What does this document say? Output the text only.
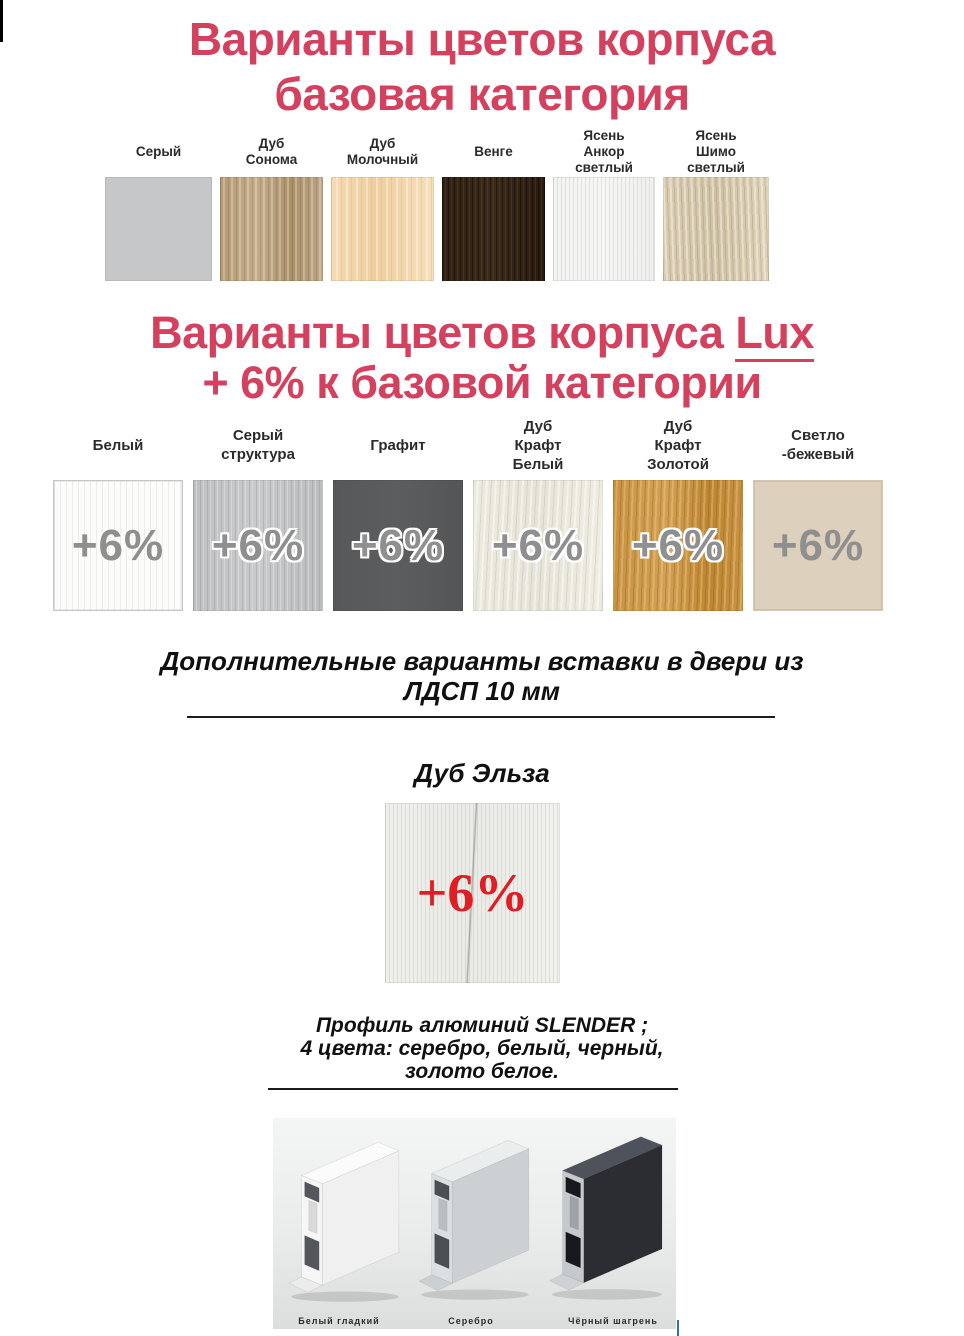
Варианты цветов корпуса
базовая категория
Серый
Дуб
Сонома
Дуб
Молочный
Венге
Ясень
Анкор
светлый
Ясень
Шимо
светлый
Варианты цветов корпуса Lux
+ 6% к базовой категории
Белый
+6%
Серый
структура
+6%
Графит
+6%
Дуб
Крафт
Белый
+6%
Дуб
Крафт
Золотой
+6%
Светло
-бежевый
+6%
Дополнительные варианты вставки в двери из
ЛДСП 10 мм
Дуб Эльза
+6%
Профиль алюминий SLENDER ;
4 цвета: серебро, белый, черный,
золото белое.
Белый гладкий	Серебро	Чёрный шагрень
